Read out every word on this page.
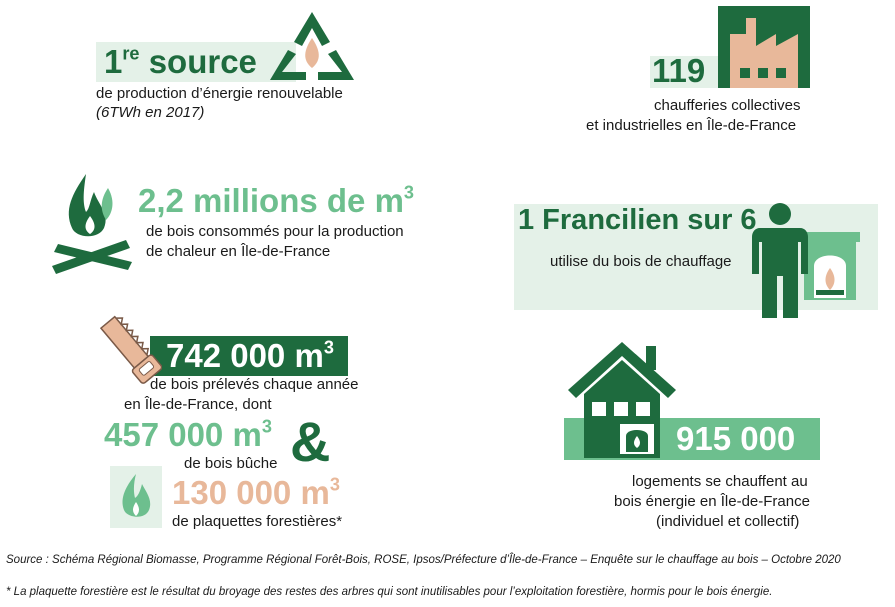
1re source
de production d’énergie renouvelable
(6TWh en 2017)
119
chaufferies collectives
et industrielles en Île-de-France
2,2 millions de $m^3$
de bois consommés pour la production
de chaleur en Île-de-France
1 Francilien sur 6
utilise du bois de chauffage
742 000 $m^3$
de bois prélevés chaque année
en Île-de-France, dont
457 000 $m^3$
de bois bûche &
130 000 $m^3$
de plaquettes forestières*
915 000
logements se chauffent au
bois énergie en Île-de-France
(individuel et collectif)
Source : Schéma Régional Biomasse, Programme Régional Forêt-Bois, ROSE, Ipsos/Préfecture d’Île-de-France – Enquête sur le chauffage au bois – Octobre 2020
* La plaquette forestière est le résultat du broyage des restes des arbres qui sont inutilisables pour l’exploitation forestière, hormis pour le bois énergie.
